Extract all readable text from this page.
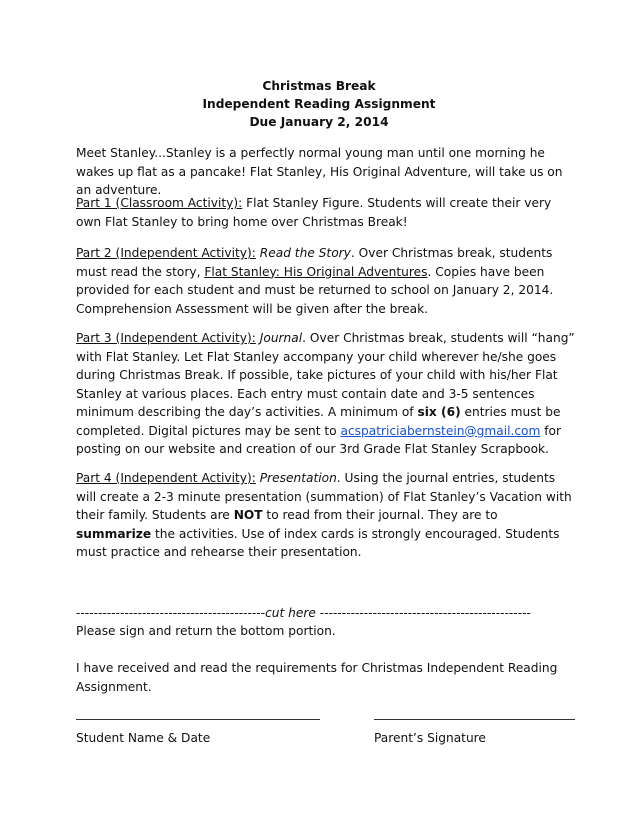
Christmas Break
Independent Reading Assignment
Due January 2, 2014

Meet Stanley...Stanley is a perfectly normal young man until one morning he wakes up flat as a pancake! Flat Stanley, His Original Adventure, will take us on an adventure.

Part 1 (Classroom Activity): Flat Stanley Figure. Students will create their very own Flat Stanley to bring home over Christmas Break!

Part 2 (Independent Activity): Read the Story. Over Christmas break, students must read the story, Flat Stanley: His Original Adventures. Copies have been provided for each student and must be returned to school on January 2, 2014. Comprehension Assessment will be given after the break.

Part 3 (Independent Activity): Journal. Over Christmas break, students will “hang” with Flat Stanley. Let Flat Stanley accompany your child wherever he/she goes during Christmas Break. If possible, take pictures of your child with his/her Flat Stanley at various places. Each entry must contain date and 3-5 sentences minimum describing the day’s activities. A minimum of six (6) entries must be completed. Digital pictures may be sent to acspatriciabernstein@gmail.com for posting on our website and creation of our 3rd Grade Flat Stanley Scrapbook.

Part 4 (Independent Activity): Presentation. Using the journal entries, students will create a 2-3 minute presentation (summation) of Flat Stanley’s Vacation with their family. Students are NOT to read from their journal. They are to summarize the activities. Use of index cards is strongly encouraged. Students must practice and rehearse their presentation.

-------------------------------------------cut here ------------------------------------------------

Please sign and return the bottom portion.

I have received and read the requirements for Christmas Independent Reading Assignment.

Student Name & Date	Parent’s Signature
